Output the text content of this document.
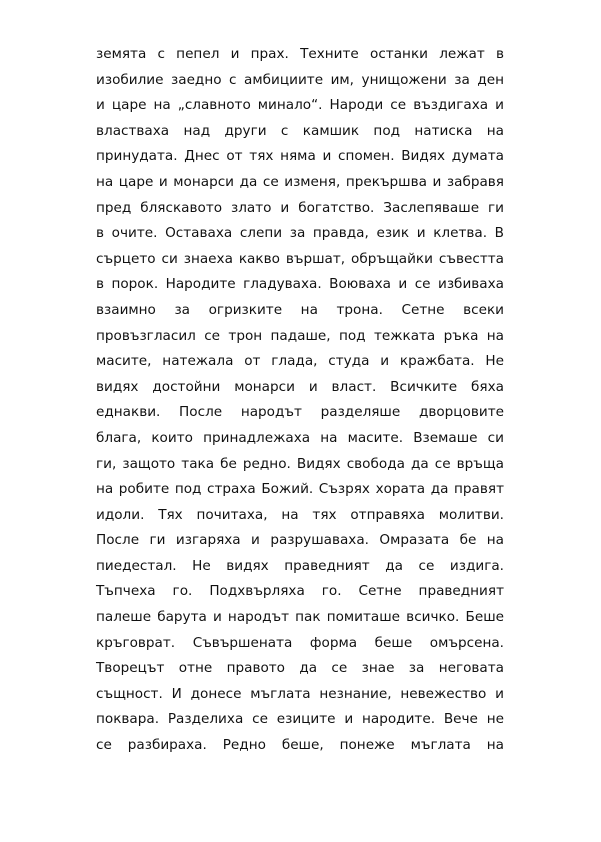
земята с пепел и прах. Техните останки лежат в
изобилие заедно с амбициите им, унищожени за ден
и царе на „славното минало“. Народи се въздигаха и
властваха над други с камшик под натиска на
принудата. Днес от тях няма и спомен. Видях думата
на царе и монарси да се изменя, прекършва и забравя
пред бляскавото злато и богатство. Заслепяваше ги
в очите. Оставаха слепи за правда, език и клетва. В
сърцето си знаеха какво вършат, обръщайки съвестта
в порок. Народите гладуваха. Воюваха и се избиваха
взаимно за огризките на трона. Сетне всеки
провъзгласил се трон падаше, под тежката ръка на
масите, натежала от глада, студа и кражбата. Не
видях достойни монарси и власт. Всичките бяха
еднакви. После народът разделяше дворцовите
блага, които принадлежаха на масите. Вземаше си
ги, защото така бе редно. Видях свобода да се връща
на робите под страха Божий. Съзрях хората да правят
идоли. Тях почитаха, на тях отправяха молитви.
После ги изгаряха и разрушаваха. Омразата бе на
пиедестал. Не видях праведният да се издига.
Тъпчеха го. Подхвърляха го. Сетне праведният
палеше барута и народът пак помиташе всичко. Беше
кръговрат. Съвършената форма беше омърсена.
Творецът отне правото да се знае за неговата
същност. И донесе мъглата незнание, невежество и
поквара. Разделиха се езиците и народите. Вече не
се разбираха. Редно беше, понеже мъглата на
